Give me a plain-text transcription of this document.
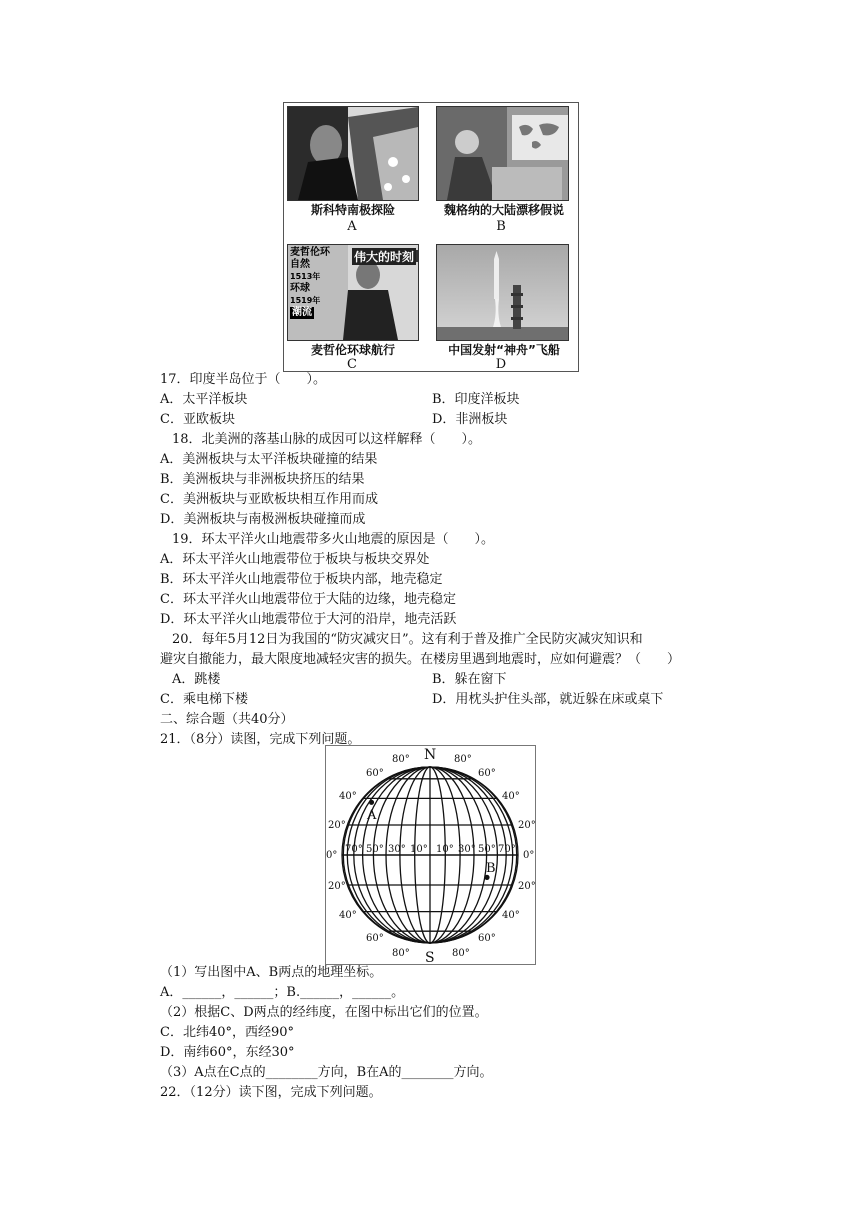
斯科特南极探险
A
魏格纳的大陆漂移假说
B
麦哲伦环
自然
1513年
环球
1519年
潮流
伟大的时刻
麦哲伦环球航行
C
中国发射“神舟”飞船
D
17．印度半岛位于（　　）。
A．太平洋板块	B．印度洋板块
C．亚欧板块	D．非洲板块
18．北美洲的落基山脉的成因可以这样解释（　　）。
A．美洲板块与太平洋板块碰撞的结果
B．美洲板块与非洲板块挤压的结果
C．美洲板块与亚欧板块相互作用而成
D．美洲板块与南极洲板块碰撞而成
19．环太平洋火山地震带多火山地震的原因是（　　）。
A．环太平洋火山地震带位于板块与板块交界处
B．环太平洋火山地震带位于板块内部，地壳稳定
C．环太平洋火山地震带位于大陆的边缘，地壳稳定
D．环太平洋火山地震带位于大河的沿岸，地壳活跃
20．每年5月12日为我国的“防灾减灾日”。这有利于普及推广全民防灾减灾知识和
避灾自撤能力，最大限度地减轻灾害的损失。在楼房里遇到地震时，应如何避震？（　　）
A．跳楼	B．躲在窗下
C．乘电梯下楼	D．用枕头护住头部，就近躲在床或桌下
二、综合题（共40分）
21．（8分）读图，完成下列问题。
N
S
A
B
80°	80°
80°	80°
60°
40°
20°
0°
20°
40°
60°
60°
40°
20°
0°
20°
40°
60°
70° 50° 30° 10° 10° 30° 50° 70°
（1）写出图中A、B两点的地理坐标。
A．______，______；B.______，______。
（2）根据C、D两点的经纬度，在图中标出它们的位置。
C．北纬40°，西经90°
D．南纬60°，东经30°
（3）A点在C点的________方向，B在A的________方向。
22．（12分）读下图，完成下列问题。
